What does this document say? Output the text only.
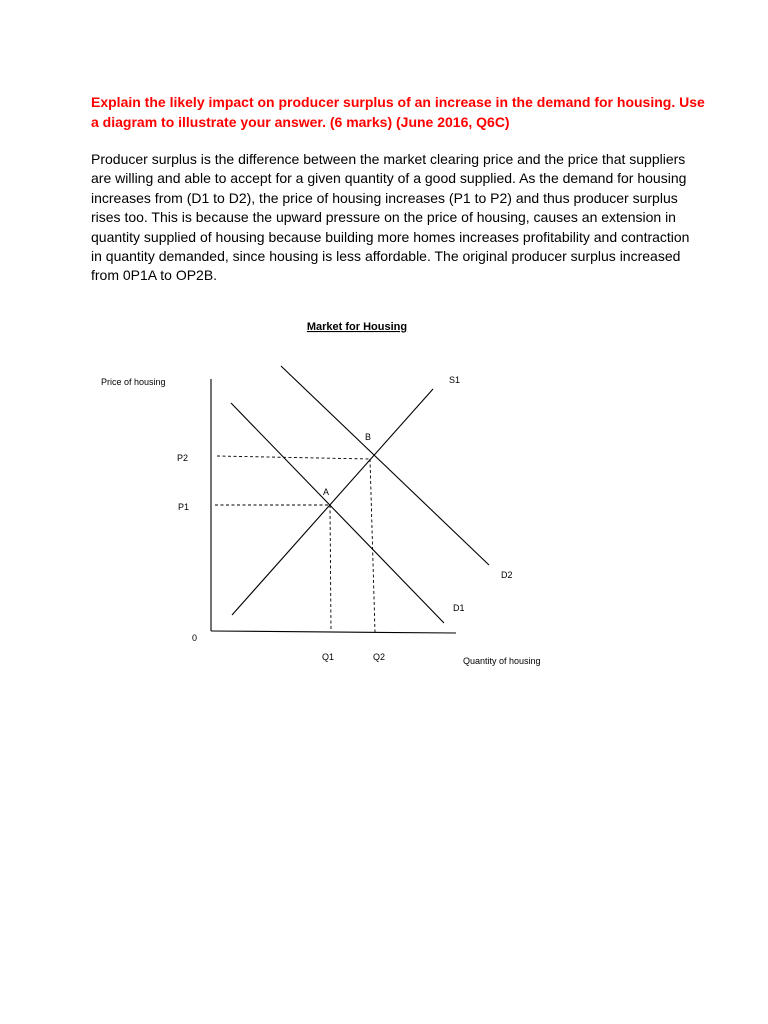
Explain the likely impact on producer surplus of an increase in the demand for housing. Use a diagram to illustrate your answer. (6 marks) (June 2016, Q6C)

Producer surplus is the difference between the market clearing price and the price that suppliers are willing and able to accept for a given quantity of a good supplied. As the demand for housing increases from (D1 to D2), the price of housing increases (P1 to P2) and thus producer surplus rises too. This is because the upward pressure on the price of housing, causes an extension in quantity supplied of housing because building more homes increases profitability and contraction in quantity demanded, since housing is less affordable. The original producer surplus increased from 0P1A to OP2B.

Market for Housing
Price of housing
Quantity of housing
0
S1
D1
D2
A
B
P1
P2
Q1	Q2
